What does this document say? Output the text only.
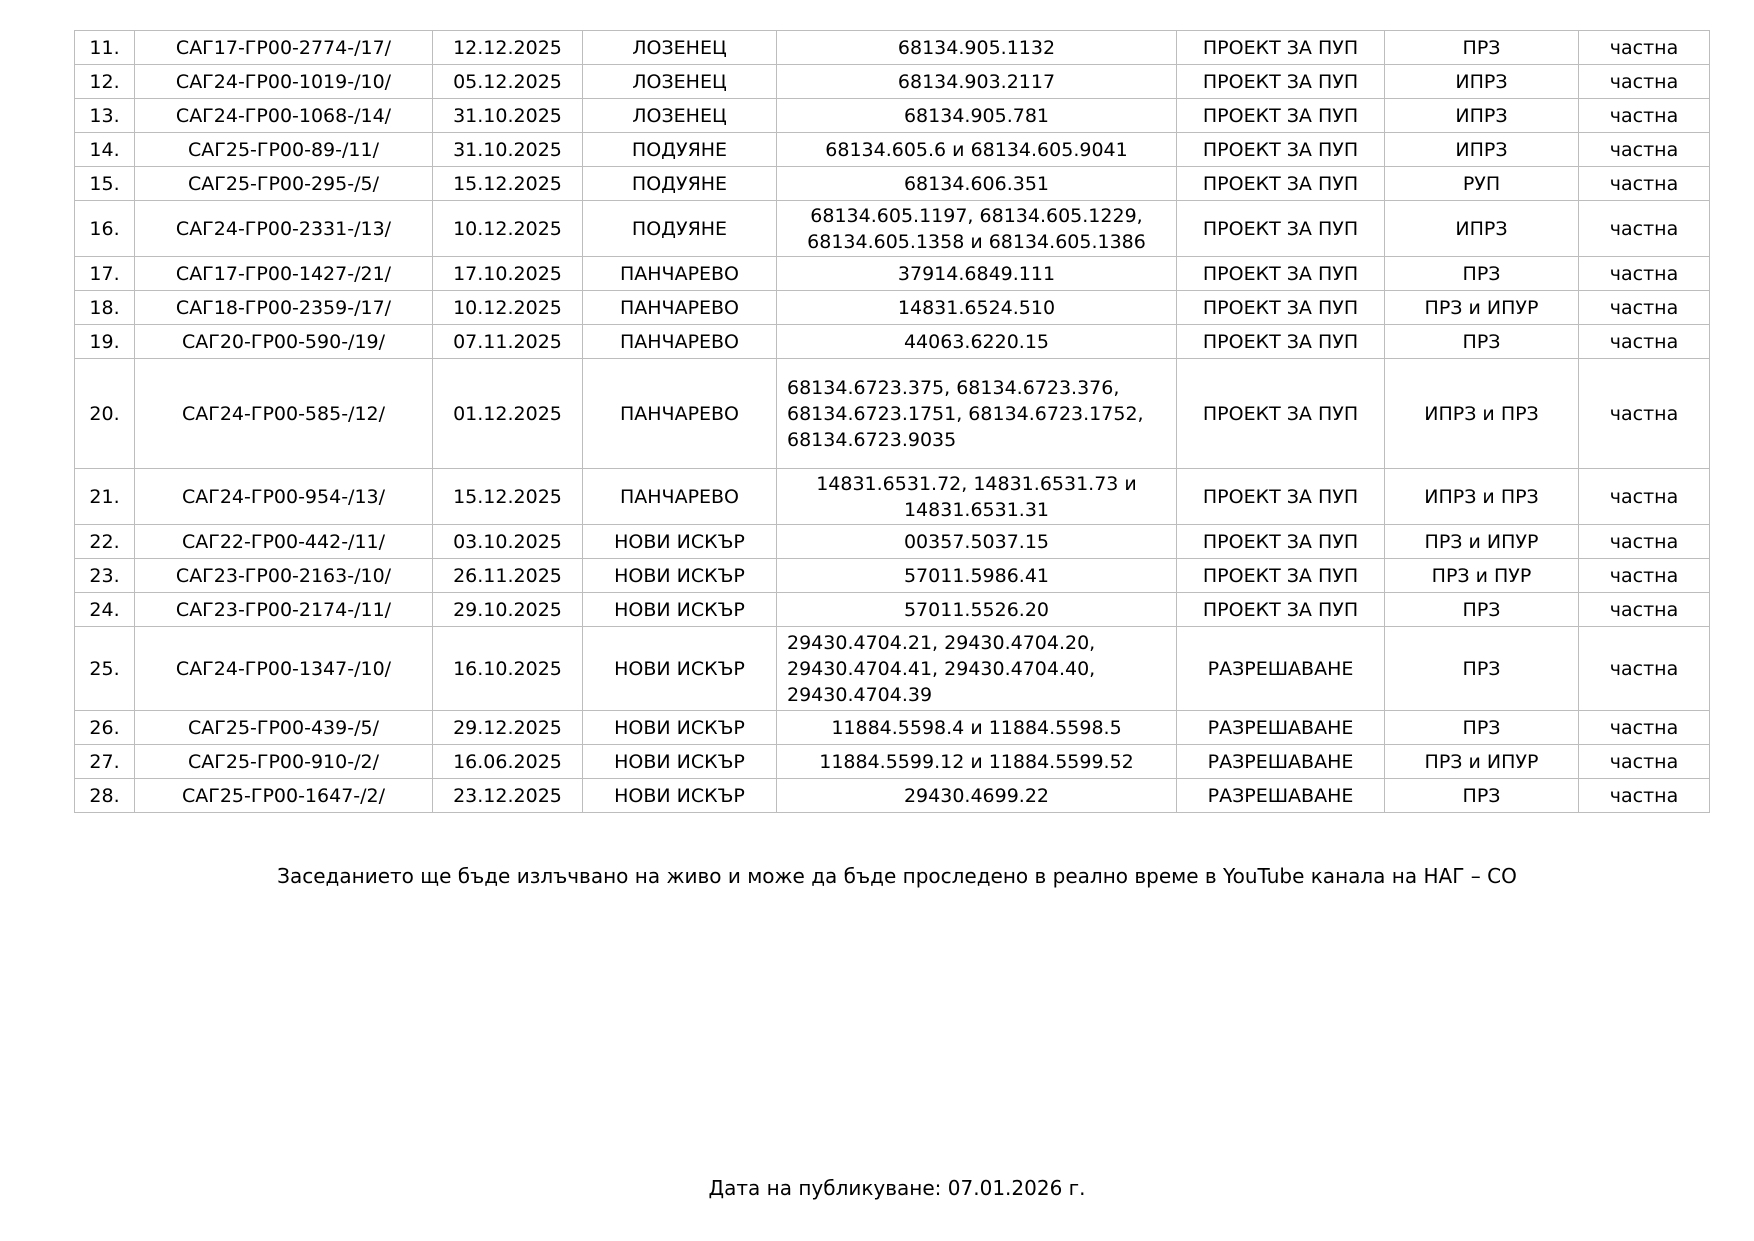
11.	САГ17-ГР00-2774-/17/	12.12.2025	ЛОЗЕНЕЦ	68134.905.1132	ПРОЕКТ ЗА ПУП	ПРЗ	частна
12.	САГ24-ГР00-1019-/10/	05.12.2025	ЛОЗЕНЕЦ	68134.903.2117	ПРОЕКТ ЗА ПУП	ИПРЗ	частна
13.	САГ24-ГР00-1068-/14/	31.10.2025	ЛОЗЕНЕЦ	68134.905.781	ПРОЕКТ ЗА ПУП	ИПРЗ	частна
14.	САГ25-ГР00-89-/11/	31.10.2025	ПОДУЯНЕ	68134.605.6 и 68134.605.9041	ПРОЕКТ ЗА ПУП	ИПРЗ	частна
15.	САГ25-ГР00-295-/5/	15.12.2025	ПОДУЯНЕ	68134.606.351	ПРОЕКТ ЗА ПУП	РУП	частна
16.	САГ24-ГР00-2331-/13/	10.12.2025	ПОДУЯНЕ	68134.605.1197, 68134.605.1229,
68134.605.1358 и 68134.605.1386	ПРОЕКТ ЗА ПУП	ИПРЗ	частна
17.	САГ17-ГР00-1427-/21/	17.10.2025	ПАНЧАРЕВО	37914.6849.111	ПРОЕКТ ЗА ПУП	ПРЗ	частна
18.	САГ18-ГР00-2359-/17/	10.12.2025	ПАНЧАРЕВО	14831.6524.510	ПРОЕКТ ЗА ПУП	ПРЗ и ИПУР	частна
19.	САГ20-ГР00-590-/19/	07.11.2025	ПАНЧАРЕВО	44063.6220.15	ПРОЕКТ ЗА ПУП	ПРЗ	частна
20.	САГ24-ГР00-585-/12/	01.12.2025	ПАНЧАРЕВО	68134.6723.375, 68134.6723.376,
68134.6723.1751, 68134.6723.1752,
68134.6723.9035	ПРОЕКТ ЗА ПУП	ИПРЗ и ПРЗ	частна
21.	САГ24-ГР00-954-/13/	15.12.2025	ПАНЧАРЕВО	14831.6531.72, 14831.6531.73 и
14831.6531.31	ПРОЕКТ ЗА ПУП	ИПРЗ и ПРЗ	частна
22.	САГ22-ГР00-442-/11/	03.10.2025	НОВИ ИСКЪР	00357.5037.15	ПРОЕКТ ЗА ПУП	ПРЗ и ИПУР	частна
23.	САГ23-ГР00-2163-/10/	26.11.2025	НОВИ ИСКЪР	57011.5986.41	ПРОЕКТ ЗА ПУП	ПРЗ и ПУР	частна
24.	САГ23-ГР00-2174-/11/	29.10.2025	НОВИ ИСКЪР	57011.5526.20	ПРОЕКТ ЗА ПУП	ПРЗ	частна
25.	САГ24-ГР00-1347-/10/	16.10.2025	НОВИ ИСКЪР	29430.4704.21, 29430.4704.20,
29430.4704.41, 29430.4704.40,
29430.4704.39	РАЗРЕШАВАНЕ	ПРЗ	частна
26.	САГ25-ГР00-439-/5/	29.12.2025	НОВИ ИСКЪР	11884.5598.4 и 11884.5598.5	РАЗРЕШАВАНЕ	ПРЗ	частна
27.	САГ25-ГР00-910-/2/	16.06.2025	НОВИ ИСКЪР	11884.5599.12 и 11884.5599.52	РАЗРЕШАВАНЕ	ПРЗ и ИПУР	частна
28.	САГ25-ГР00-1647-/2/	23.12.2025	НОВИ ИСКЪР	29430.4699.22	РАЗРЕШАВАНЕ	ПРЗ	частна
Заседанието ще бъде излъчвано на живо и може да бъде проследено в реално време в YouTube канала на НАГ – СО
Дата на публикуване: 07.01.2026 г.
